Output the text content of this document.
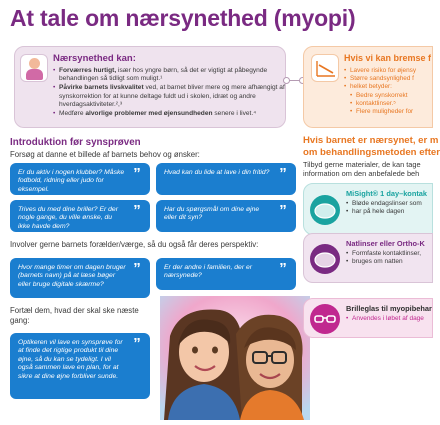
At tale om nærsynethed (myopi)
Nærsynethed kan:
• Forværres hurtigt, især hos yngre børn, så det er vigtigt at påbegynde behandlingen så tidligt som muligt.¹
• Påvirke barnets livskvalitet ved, at barnet bliver mere og mere afhængigt af synskorrektion for at kunne deltage fuldt ud i skolen, idræt og andre hverdagsaktiviteter.²,³
• Medføre alvorlige problemer med øjensundheden senere i livet.⁴
Hvis vi kan bremse f
• Lavere risiko for øjensy
• Større sandsynlighed f
• helket betyder:
• Bedre synskorrekt
• kontaktlinser.⁵
• Flere muligheder for
Introduktion før synsprøven
Forsøg at danne et billede af barnets behov og ønsker:
Er du aktiv i nogen klubber? Måske fodbold, ridning eller judo for eksempel.
”	Hvad kan du lide at lave i din fritid? ”
Trives du med dine briller? Er der nogle gange, du ville ønske, du ikke havde dem?
”	Har du spørgsmål om dine øjne eller dit syn?	”
Involver gerne barnets forælder/værge, så du også får deres perspektiv:
Hvor mange timer om dagen bruger (barnets navn) på at læse bøger eller bruge digitale skærme?
”	Er der andre i familien, der er nærsynede?	”
Fortæl dem, hvad der skal ske næste gang:
Optikeren vil lave en synsprøve for at finde det rigtige produkt til dine øjne, så du kan se tydeligt. I vil også sammen lave en plan, for at sikre at dine øjne forbliver sunde.
”
Hvis barnet er nærsynet, er m
om behandlingsmetoden efter
Tilbyd gerne materialer, de kan tage
information om den anbefalede beh
MiSight® 1 day–kontak
• Bløde endagslinser som
• har på hele dagen
Natlinser eller Ortho-K
• Formfaste kontaktlinser,
• bruges om natten
Brilleglas til myopibehar
• Anvendes i løbet af dage
